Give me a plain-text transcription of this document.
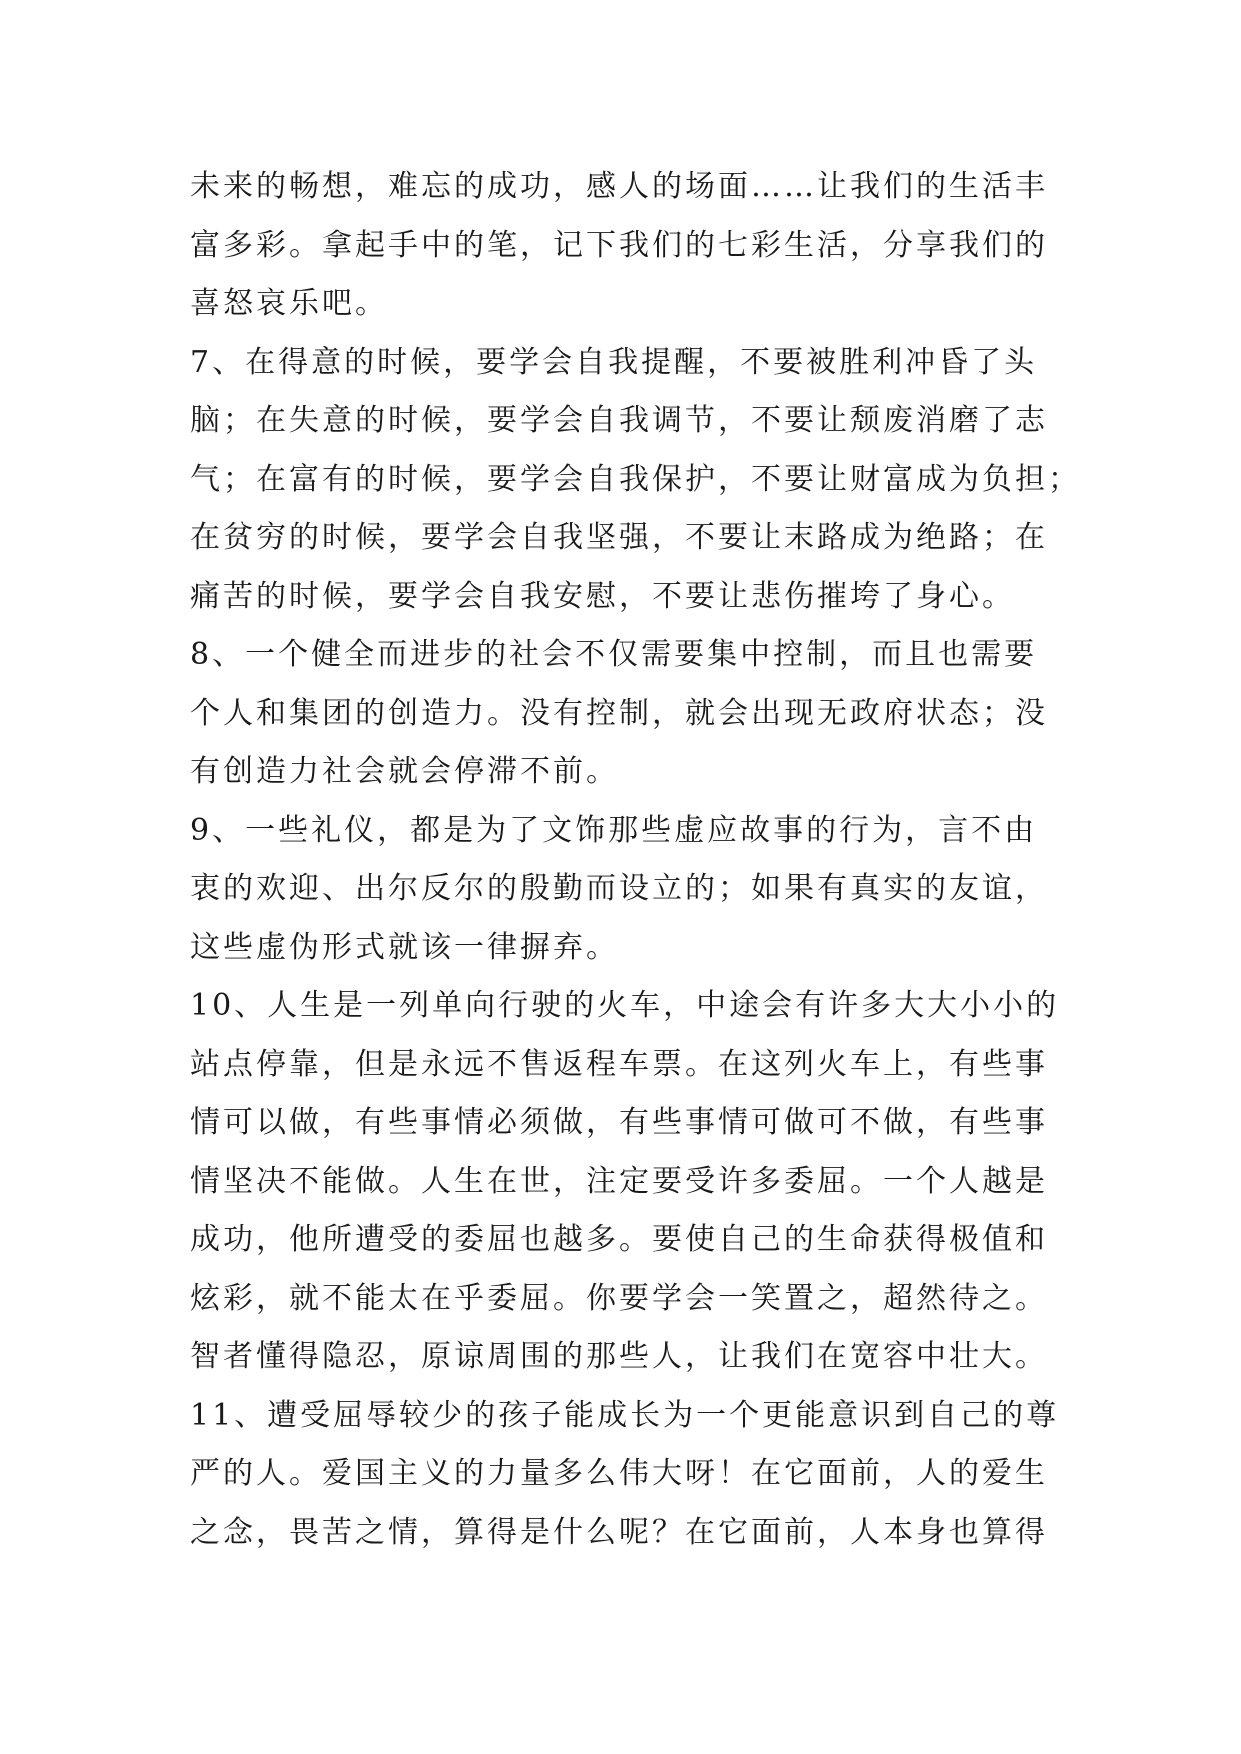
未来的畅想，难忘的成功，感人的场面……让我们的生活丰
富多彩。拿起手中的笔，记下我们的七彩生活，分享我们的
喜怒哀乐吧。
7、在得意的时候，要学会自我提醒，不要被胜利冲昏了头
脑；在失意的时候，要学会自我调节，不要让颓废消磨了志
气；在富有的时候，要学会自我保护，不要让财富成为负担；
在贫穷的时候，要学会自我坚强，不要让末路成为绝路；在
痛苦的时候，要学会自我安慰，不要让悲伤摧垮了身心。
8、一个健全而进步的社会不仅需要集中控制，而且也需要
个人和集团的创造力。没有控制，就会出现无政府状态；没
有创造力社会就会停滞不前。
9、一些礼仪，都是为了文饰那些虚应故事的行为，言不由
衷的欢迎、出尔反尔的殷勤而设立的；如果有真实的友谊，
这些虚伪形式就该一律摒弃。
10、人生是一列单向行驶的火车，中途会有许多大大小小的
站点停靠，但是永远不售返程车票。在这列火车上，有些事
情可以做，有些事情必须做，有些事情可做可不做，有些事
情坚决不能做。人生在世，注定要受许多委屈。一个人越是
成功，他所遭受的委屈也越多。要使自己的生命获得极值和
炫彩，就不能太在乎委屈。你要学会一笑置之，超然待之。
智者懂得隐忍，原谅周围的那些人，让我们在宽容中壮大。
11、遭受屈辱较少的孩子能成长为一个更能意识到自己的尊
严的人。爱国主义的力量多么伟大呀！在它面前，人的爱生
之念，畏苦之情，算得是什么呢？在它面前，人本身也算得
